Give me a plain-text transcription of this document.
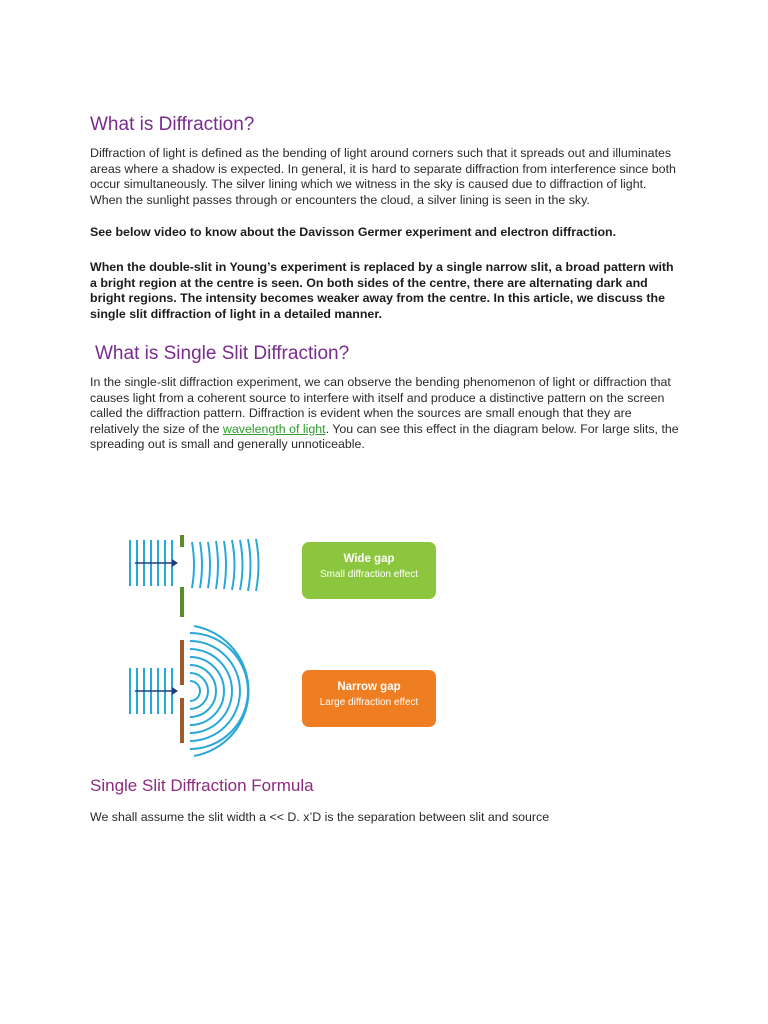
What is Diffraction?

Diffraction of light is defined as the bending of light around corners such that it spreads out and illuminates areas where a shadow is expected. In general, it is hard to separate diffraction from interference since both occur simultaneously. The silver lining which we witness in the sky is caused due to diffraction of light. When the sunlight passes through or encounters the cloud, a silver lining is seen in the sky.

See below video to know about the Davisson Germer experiment and electron diffraction.

When the double-slit in Young’s experiment is replaced by a single narrow slit, a broad pattern with a bright region at the centre is seen. On both sides of the centre, there are alternating dark and bright regions. The intensity becomes weaker away from the centre. In this article, we discuss the single slit diffraction of light in a detailed manner.

What is Single Slit Diffraction?

In the single-slit diffraction experiment, we can observe the bending phenomenon of light or diffraction that causes light from a coherent source to interfere with itself and produce a distinctive pattern on the screen called the diffraction pattern. Diffraction is evident when the sources are small enough that they are relatively the size of the wavelength of light. You can see this effect in the diagram below. For large slits, the spreading out is small and generally unnoticeable.

Wide gap
Small diffraction effect
Narrow gap
Large diffraction effect
Single Slit Diffraction Formula

We shall assume the slit width a << D. x’D is the separation between slit and source
